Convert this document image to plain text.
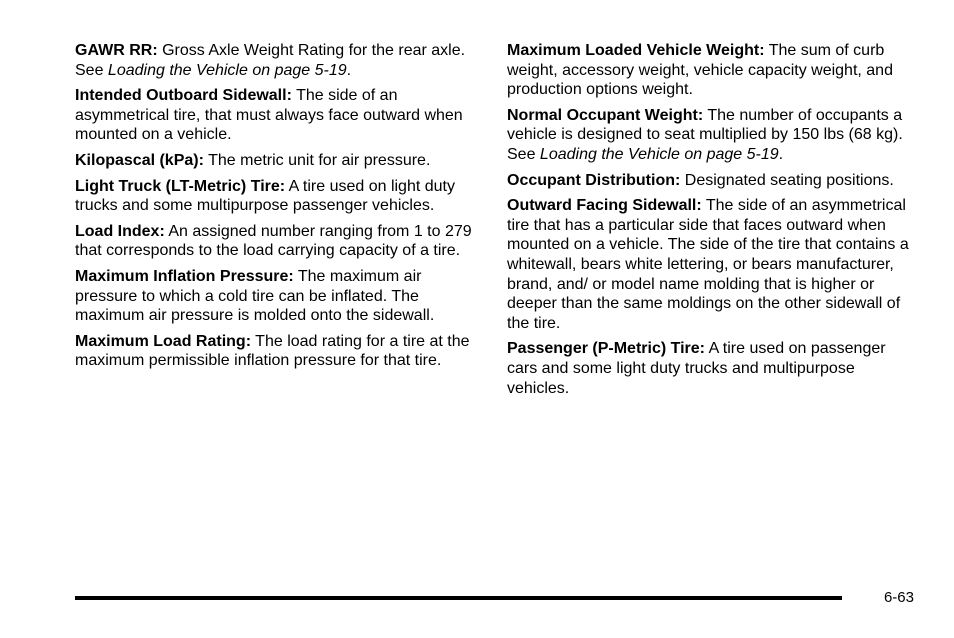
GAWR RR : Gross Axle Weight Rating for the rear axle. See Loading the Vehicle on page 5-19.

Intended Outboard Sidewall : The side of an asymmetrical tire, that must always face outward when mounted on a vehicle.

Kilopascal (kPa) : The metric unit for air pressure.

Light Truck (LT-Metric) Tire : A tire used on light duty trucks and some multipurpose passenger vehicles.

Load Index : An assigned number ranging from 1 to 279 that corresponds to the load carrying capacity of a tire.

Maximum Inflation Pressure : The maximum air pressure to which a cold tire can be inflated. The maximum air pressure is molded onto the sidewall.

Maximum Load Rating : The load rating for a tire at the maximum permissible inflation pressure for that tire.

Maximum Loaded Vehicle Weight : The sum of curb weight, accessory weight, vehicle capacity weight, and production options weight.

Normal Occupant Weight : The number of occupants a vehicle is designed to seat multiplied by 150 lbs (68 kg). See Loading the Vehicle on page 5-19.

Occupant Distribution : Designated seating positions.

Outward Facing Sidewall : The side of an asymmetrical tire that has a particular side that faces outward when mounted on a vehicle. The side of the tire that contains a whitewall, bears white lettering, or bears manufacturer, brand, and/ or model name molding that is higher or deeper than the same moldings on the other sidewall of the tire.

Passenger (P-Metric) Tire : A tire used on passenger cars and some light duty trucks and multipurpose vehicles.

6-63
